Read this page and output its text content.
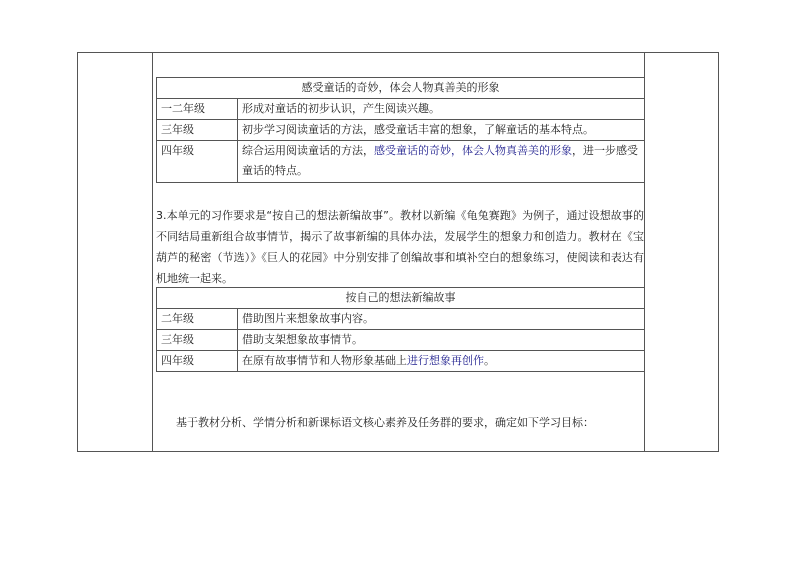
感受童话的奇妙，体会人物真善美的形象	
一二年级	形成对童话的初步认识，产生阅读兴趣。
三年级	初步学习阅读童话的方法，感受童话丰富的想象，了解童话的基本特点。
四年级	综合运用阅读童话的方法，感受童话的奇妙，体会人物真善美的形象，进一步感受童话的特点。
3.本单元的习作要求是“按自己的想法新编故事”。教材以新编《龟兔赛跑》为例子，通过设想故事的不同结局重新组合故事情节，揭示了故事新编的具体办法，发展学生的想象力和创造力。教材在《宝葫芦的秘密（节选）》《巨人的花园》中分别安排了创编故事和填补空白的想象练习，使阅读和表达有机地统一起来。
按自己的想法新编故事	
二年级	借助图片来想象故事内容。
三年级	借助支架想象故事情节。
四年级	在原有故事情节和人物形象基础上进行想象再创作。
基于教材分析、学情分析和新课标语文核心素养及任务群的要求，确定如下学习目标：
